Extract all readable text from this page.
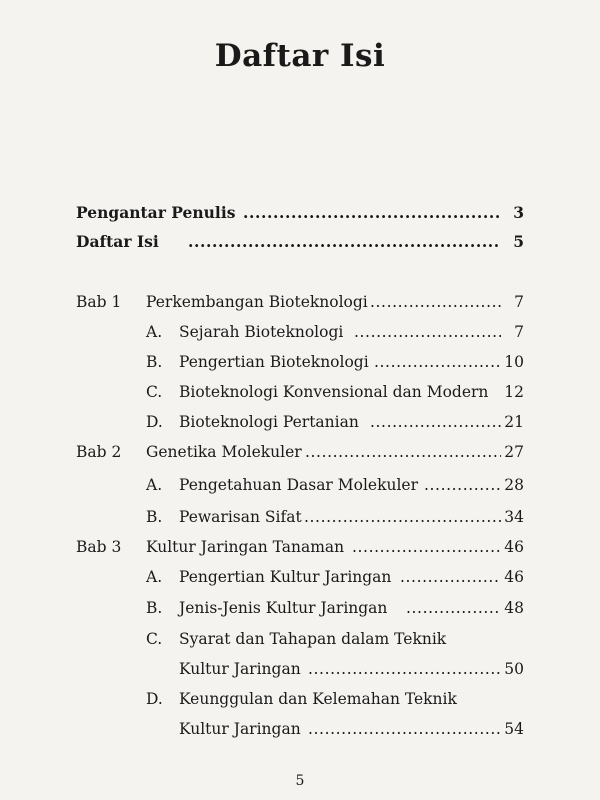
Daftar Isi
Pengantar Penulis .....	3
Daftar Isi .....	5
Bab 1 Perkembangan Bioteknologi .....	7
A. Sejarah Bioteknologi .....	7
B. Pengertian Bioteknologi .....	10
C. Bioteknologi Konvensional dan Modern	12
D. Bioteknologi Pertanian .....	21
Bab 2 Genetika Molekuler .....	27
A. Pengetahuan Dasar Molekuler .....	28
B. Pewarisan Sifat .....	34
Bab 3 Kultur Jaringan Tanaman .....	46
A. Pengertian Kultur Jaringan .....	46
B. Jenis-Jenis Kultur Jaringan .....	48
C. Syarat dan Tahapan dalam Teknik
Kultur Jaringan .....	50
D. Keunggulan dan Kelemahan Teknik
Kultur Jaringan .....	54
5
